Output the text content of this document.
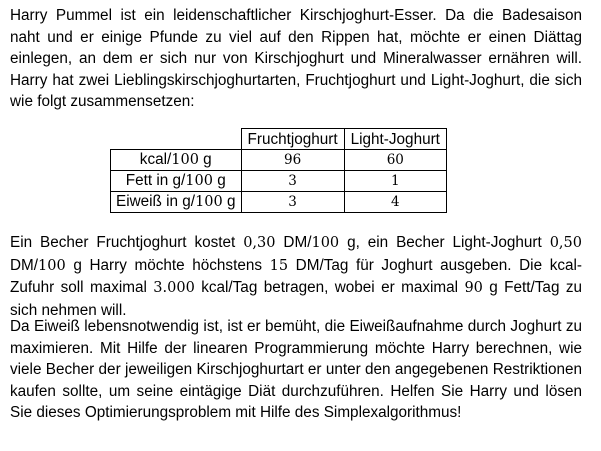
Harry Pummel ist ein leidenschaftlicher Kirschjoghurt-Esser. Da die Badesaison naht und er einige Pfunde zu viel auf den Rippen hat, möchte er einen Diättag einlegen, an dem er sich nur von Kirschjoghurt und Mineralwasser ernähren will. Harry hat zwei Lieblingskirschjoghurtarten, Fruchtjoghurt und Light-Joghurt, die sich wie folgt zusammensetzen:

	Fruchtjoghurt	Light-Joghurt
kcal/100 g	96	60
Fett in g/100 g	3	1
Eiweiß in g/100 g	3	4

Ein Becher Fruchtjoghurt kostet 0,30 DM/100 g, ein Becher Light-Joghurt 0,50 DM/100 g Harry möchte höchstens 15 DM/Tag für Joghurt ausgeben. Die kcal-Zufuhr soll maximal 3.000 kcal/Tag betragen, wobei er maximal 90 g Fett/Tag zu sich nehmen will.

Da Eiweiß lebensnotwendig ist, ist er bemüht, die Eiweißaufnahme durch Joghurt zu maximieren. Mit Hilfe der linearen Programmierung möchte Harry berechnen, wie viele Becher der jeweiligen Kirschjoghurtart er unter den angegebenen Restriktionen kaufen sollte, um seine eintägige Diät durchzuführen. Helfen Sie Harry und lösen Sie dieses Optimierungsproblem mit Hilfe des Simplexalgorithmus!
